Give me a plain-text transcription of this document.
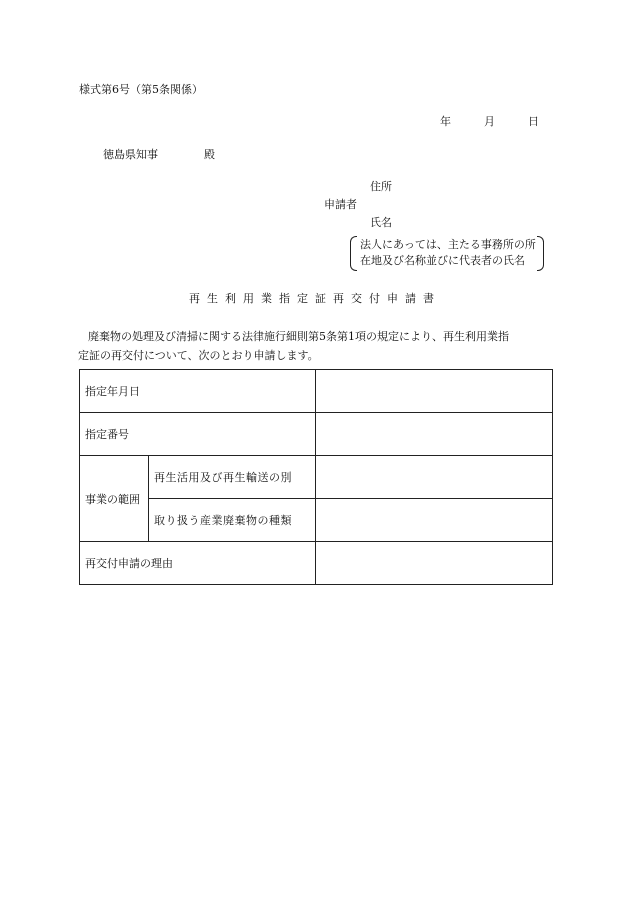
様式第6号（第5条関係）
年	月	日
徳島県知事	殿
住所
申請者
氏名
法人にあっては、主たる事務所の所
在地及び名称並びに代表者の氏名
再生利用業指定証再交付申請書
廃棄物の処理及び清掃に関する法律施行細則第5条第1項の規定により、再生利用業指
定証の再交付について、次のとおり申請します。
指定年月日		
指定番号		
事業の範囲	再生活用及び再生輸送の別	
	取り扱う産業廃棄物の種類	
再交付申請の理由		
